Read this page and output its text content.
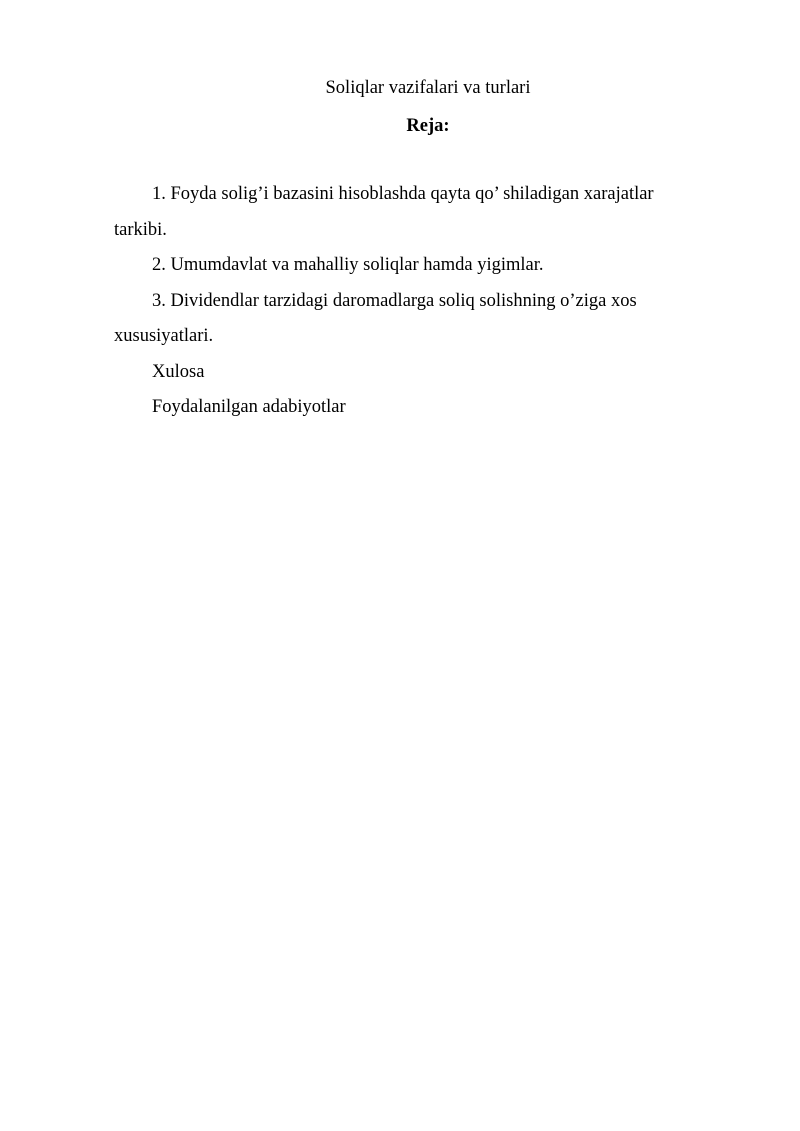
Soliqlar vazifalari va turlari
Reja:
1. Foyda solig’i bazasini hisoblashda qayta qo’ shiladigan xarajatlar tarkibi.
2. Umumdavlat va mahalliy soliqlar hamda yigimlar.
3. Dividendlar tarzidagi daromadlarga soliq solishning o’ziga xos xususiyatlari.
Xulosa
Foydalanilgan adabiyotlar
